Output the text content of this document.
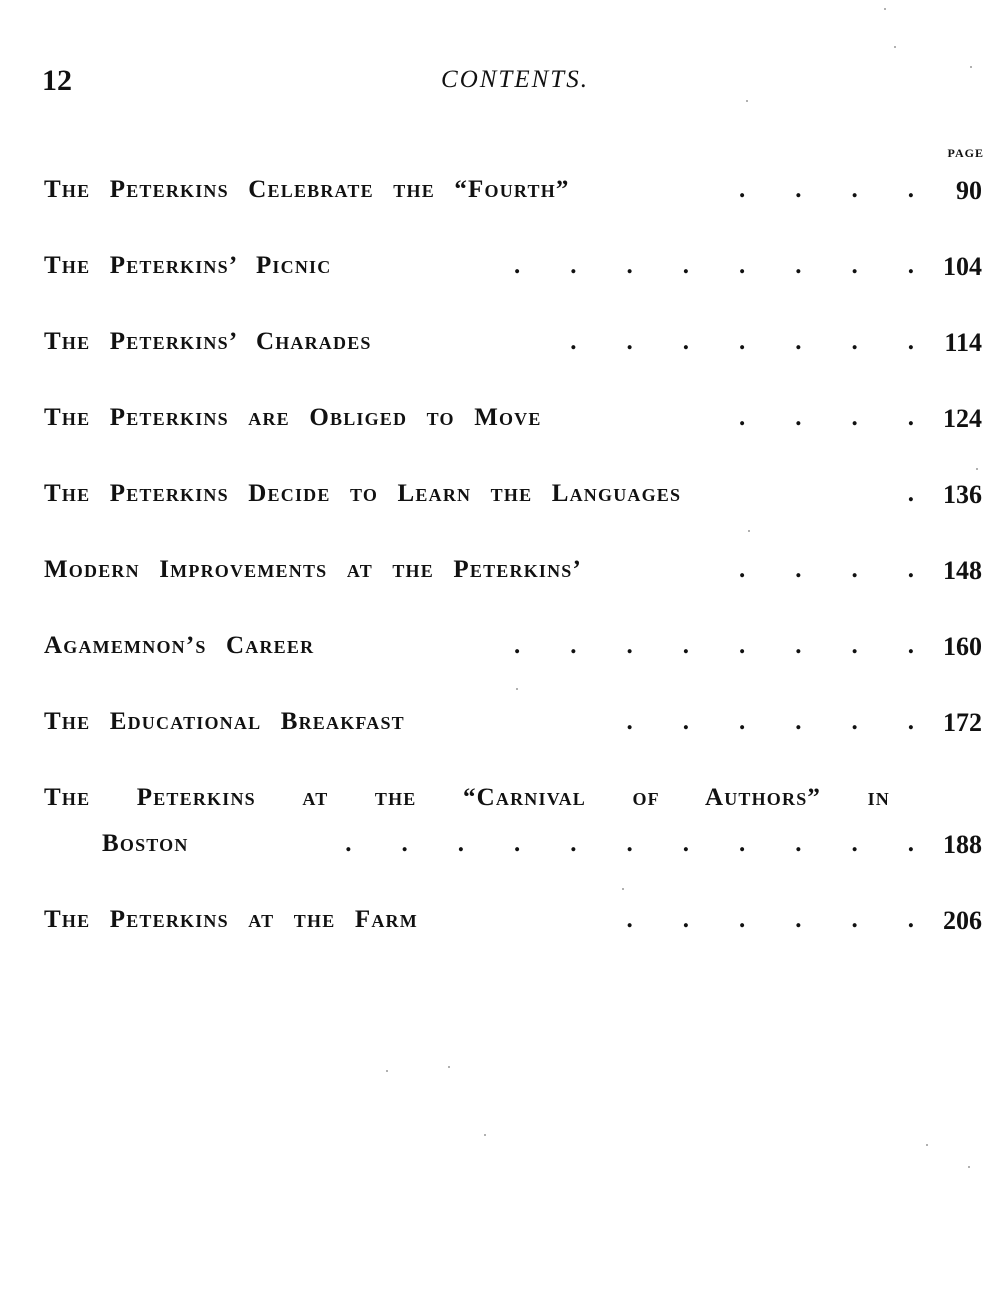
12	CONTENTS.
PAGE
.  .  .  .
The Peterkins Celebrate the “Fourth”	90
.  .  .  .  .  .  .  .
The Peterkins’ Picnic	104
.  .  .  .  .  .  .
The Peterkins’ Charades	114
.  .  .  .
The Peterkins are Obliged to Move	124
.
The Peterkins Decide to Learn the Languages	136
.  .  .  .
Modern Improvements at the Peterkins’	148
.  .  .  .  .  .  .  .
Agamemnon’s Career	160
.  .  .  .  .  .
The Educational Breakfast	172
The Peterkins at the “Carnival of Authors” in
.  .  .  .  .  .  .  .  .  .  .
Boston	188
.  .  .  .  .  .
The Peterkins at the Farm	206
